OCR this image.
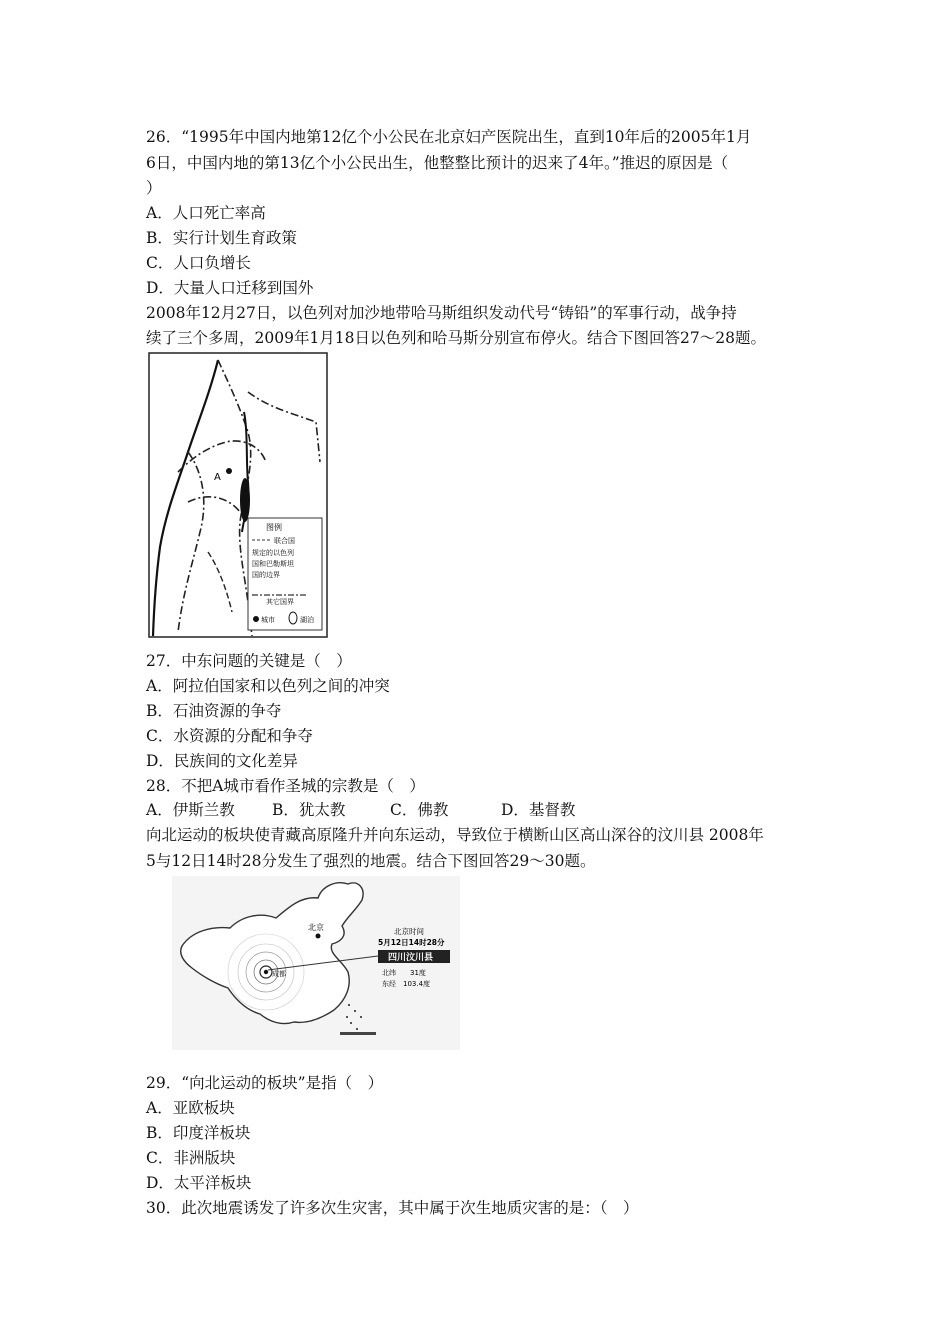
26．“1995年中国内地第12亿个小公民在北京妇产医院出生，直到10年后的2005年1月
6日，中国内地的第13亿个小公民出生，他整整比预计的迟来了4年。”推迟的原因是（
）
A．人口死亡率高
B．实行计划生育政策
C．人口负增长
D．大量人口迁移到国外
2008年12月27日，以色列对加沙地带哈马斯组织发动代号“铸铅”的军事行动，战争持
续了三个多周，2009年1月18日以色列和哈马斯分别宣布停火。结合下图回答27～28题。
A
图例
联合国
规定的以色列
国和巴勒斯坦
国的边界
其它国界
城市	湖泊
27．中东问题的关键是（　）
A．阿拉伯国家和以色列之间的冲突
B．石油资源的争夺
C．水资源的分配和争夺
D．民族间的文化差异
28．不把A城市看作圣城的宗教是（　）
A．伊斯兰教 B．犹太教	C．佛教	D．基督教
向北运动的板块使青藏高原隆升并向东运动，导致位于横断山区高山深谷的汶川县 2008年
5与12日14时28分发生了强烈的地震。结合下图回答29～30题。
成都
北京	北京时间
5月12日14时28分
四川汶川县
北纬　　31度
东经　103.4度
29．“向北运动的板块”是指（　）
A．亚欧板块
B．印度洋板块
C．非洲版块
D．太平洋板块
30．此次地震诱发了许多次生灾害，其中属于次生地质灾害的是：（　）
